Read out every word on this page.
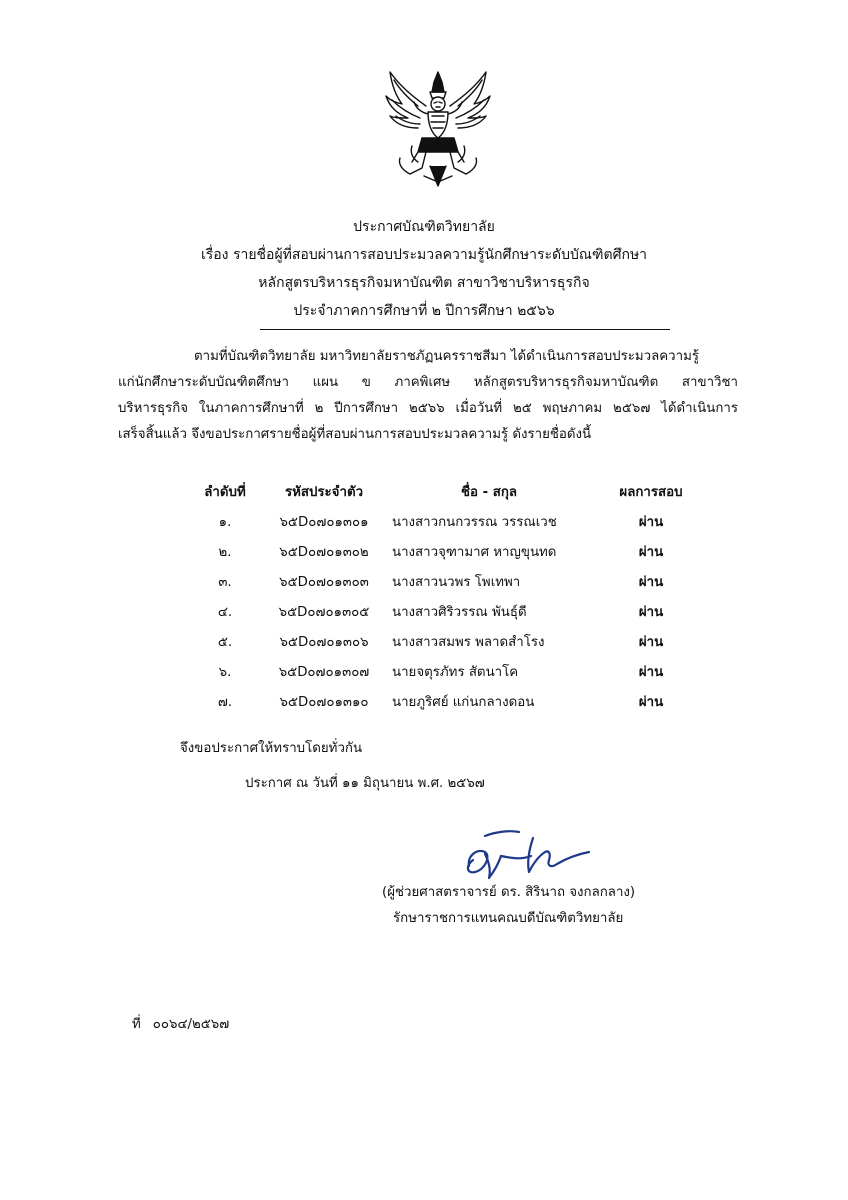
ประกาศบัณฑิตวิทยาลัย
เรื่อง รายชื่อผู้ที่สอบผ่านการสอบประมวลความรู้นักศึกษาระดับบัณฑิตศึกษา
หลักสูตรบริหารธุรกิจมหาบัณฑิต สาขาวิชาบริหารธุรกิจ
ประจำภาคการศึกษาที่ ๒ ปีการศึกษา ๒๕๖๖
ตามที่บัณฑิตวิทยาลัย มหาวิทยาลัยราชภัฏนครราชสีมา ได้ดำเนินการสอบประมวลความรู้
แก่นักศึกษาระดับบัณฑิตศึกษา แผน ข ภาคพิเศษ หลักสูตรบริหารธุรกิจมหาบัณฑิต สาขาวิชา
บริหารธุรกิจ ในภาคการศึกษาที่ ๒ ปีการศึกษา ๒๕๖๖ เมื่อวันที่ ๒๕ พฤษภาคม ๒๕๖๗ ได้ดำเนินการ
เสร็จสิ้นแล้ว จึงขอประกาศรายชื่อผู้ที่สอบผ่านการสอบประมวลความรู้ ดังรายชื่อดังนี้
ลำดับที่	รหัสประจำตัว	ชื่อ - สกุล	ผลการสอบ
๑.	๖๕D๐๗๐๑๓๐๑	นางสาวกนกวรรณ วรรณเวช	ผ่าน
๒.	๖๕D๐๗๐๑๓๐๒	นางสาวจุฑามาศ หาญขุนทด	ผ่าน
๓.	๖๕D๐๗๐๑๓๐๓	นางสาวนวพร โพเทพา	ผ่าน
๔.	๖๕D๐๗๐๑๓๐๕	นางสาวศิริวรรณ พันธุ์ดี	ผ่าน
๕.	๖๕D๐๗๐๑๓๐๖	นางสาวสมพร พลาดสำโรง	ผ่าน
๖.	๖๕D๐๗๐๑๓๐๗	นายจตุรภัทร สัตนาโค	ผ่าน
๗.	๖๕D๐๗๐๑๓๑๐	นายภูริศย์ แก่นกลางดอน	ผ่าน
จึงขอประกาศให้ทราบโดยทั่วกัน
ประกาศ ณ วันที่ ๑๑ มิถุนายน พ.ศ. ๒๕๖๗
(ผู้ช่วยศาสตราจารย์ ดร. สิรินาถ จงกลกลาง)
รักษาราชการแทนคณบดีบัณฑิตวิทยาลัย
ที่ ๐๐๖๔/๒๕๖๗
